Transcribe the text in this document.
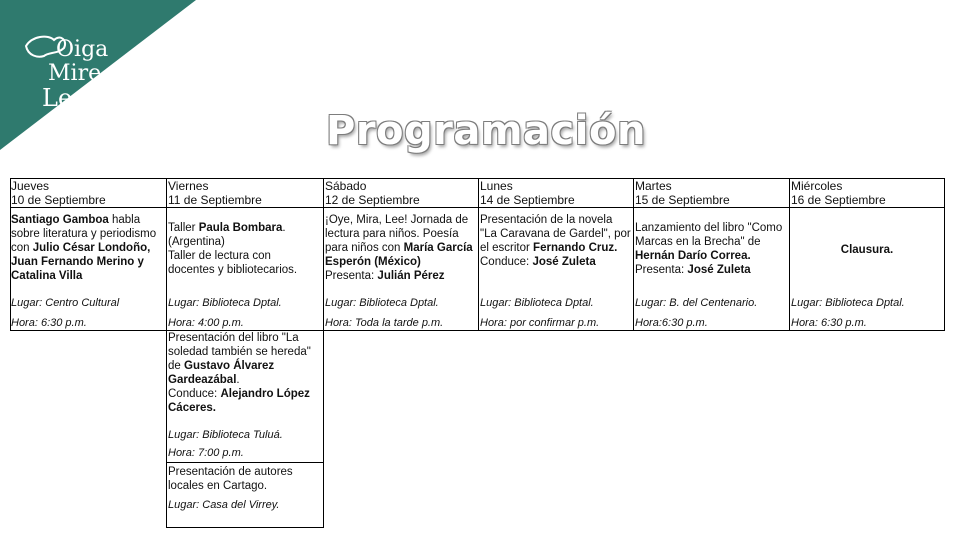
Oiga
Mire
Lea
5ª FESTIVAL
INTERNACIONAL
DEL LIBRO Y LA
CULTURA
2015	Programación
Jueves
10 de Septiembre
Viernes
11 de Septiembre
Sábado
12 de Septiembre
Lunes
14 de Septiembre
Martes
15 de Septiembre
Miércoles
16 de Septiembre
Santiago Gamboa habla sobre literatura y periodismo con Julio César Londoño, Juan Fernando Merino y Catalina Villa
Lugar: Centro Cultural
Hora: 6:30 p.m.
Taller Paula Bombara. (Argentina)
Taller de lectura con docentes y bibliotecarios.
Lugar: Biblioteca Dptal.
Hora: 4:00 p.m.
Presentación del libro "La soledad también se hereda" de Gustavo Álvarez Gardeazábal.
Conduce: Alejandro López Cáceres.
Lugar: Biblioteca Tuluá.
Hora: 7:00 p.m.
Presentación de autores locales en Cartago.
Lugar: Casa del Virrey.
¡Oye, Mira, Lee! Jornada de lectura para niños. Poesía para niños con María García Esperón (México)
Presenta: Julián Pérez
Lugar: Biblioteca Dptal.
Hora: Toda la tarde p.m.
Presentación de la novela "La Caravana de Gardel", por el escritor Fernando Cruz.
Conduce: José Zuleta
Lugar: Biblioteca Dptal.
Hora: por confirmar p.m.
Lanzamiento del libro "Como Marcas en la Brecha" de Hernán Darío Correa.
Presenta: José Zuleta
Lugar: B. del Centenario.
Hora:6:30 p.m.
Clausura.
Lugar: Biblioteca Dptal.
Hora: 6:30 p.m.
